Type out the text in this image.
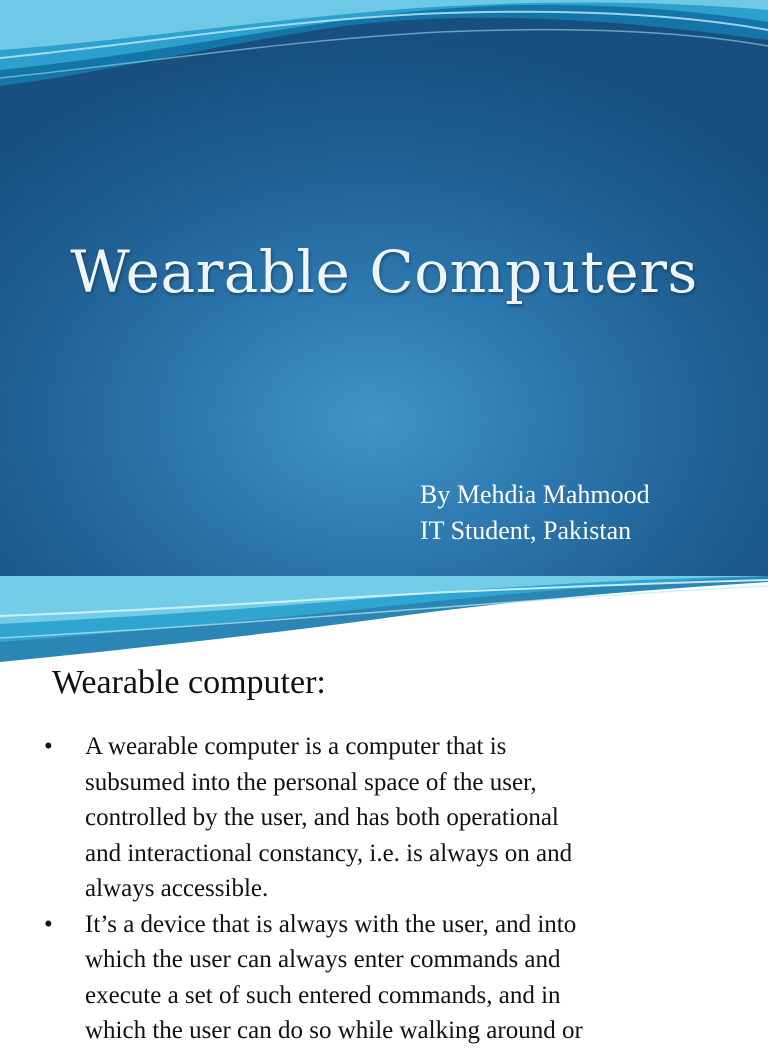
Wearable Computers
By Mehdia Mahmood
IT Student, Pakistan
Wearable computer:
• A wearable computer is a computer that is
subsumed into the personal space of the user,
controlled by the user, and has both operational
and interactional constancy, i.e. is always on and
always accessible.
• It’s a device that is always with the user, and into
which the user can always enter commands and
execute a set of such entered commands, and in
which the user can do so while walking around or
